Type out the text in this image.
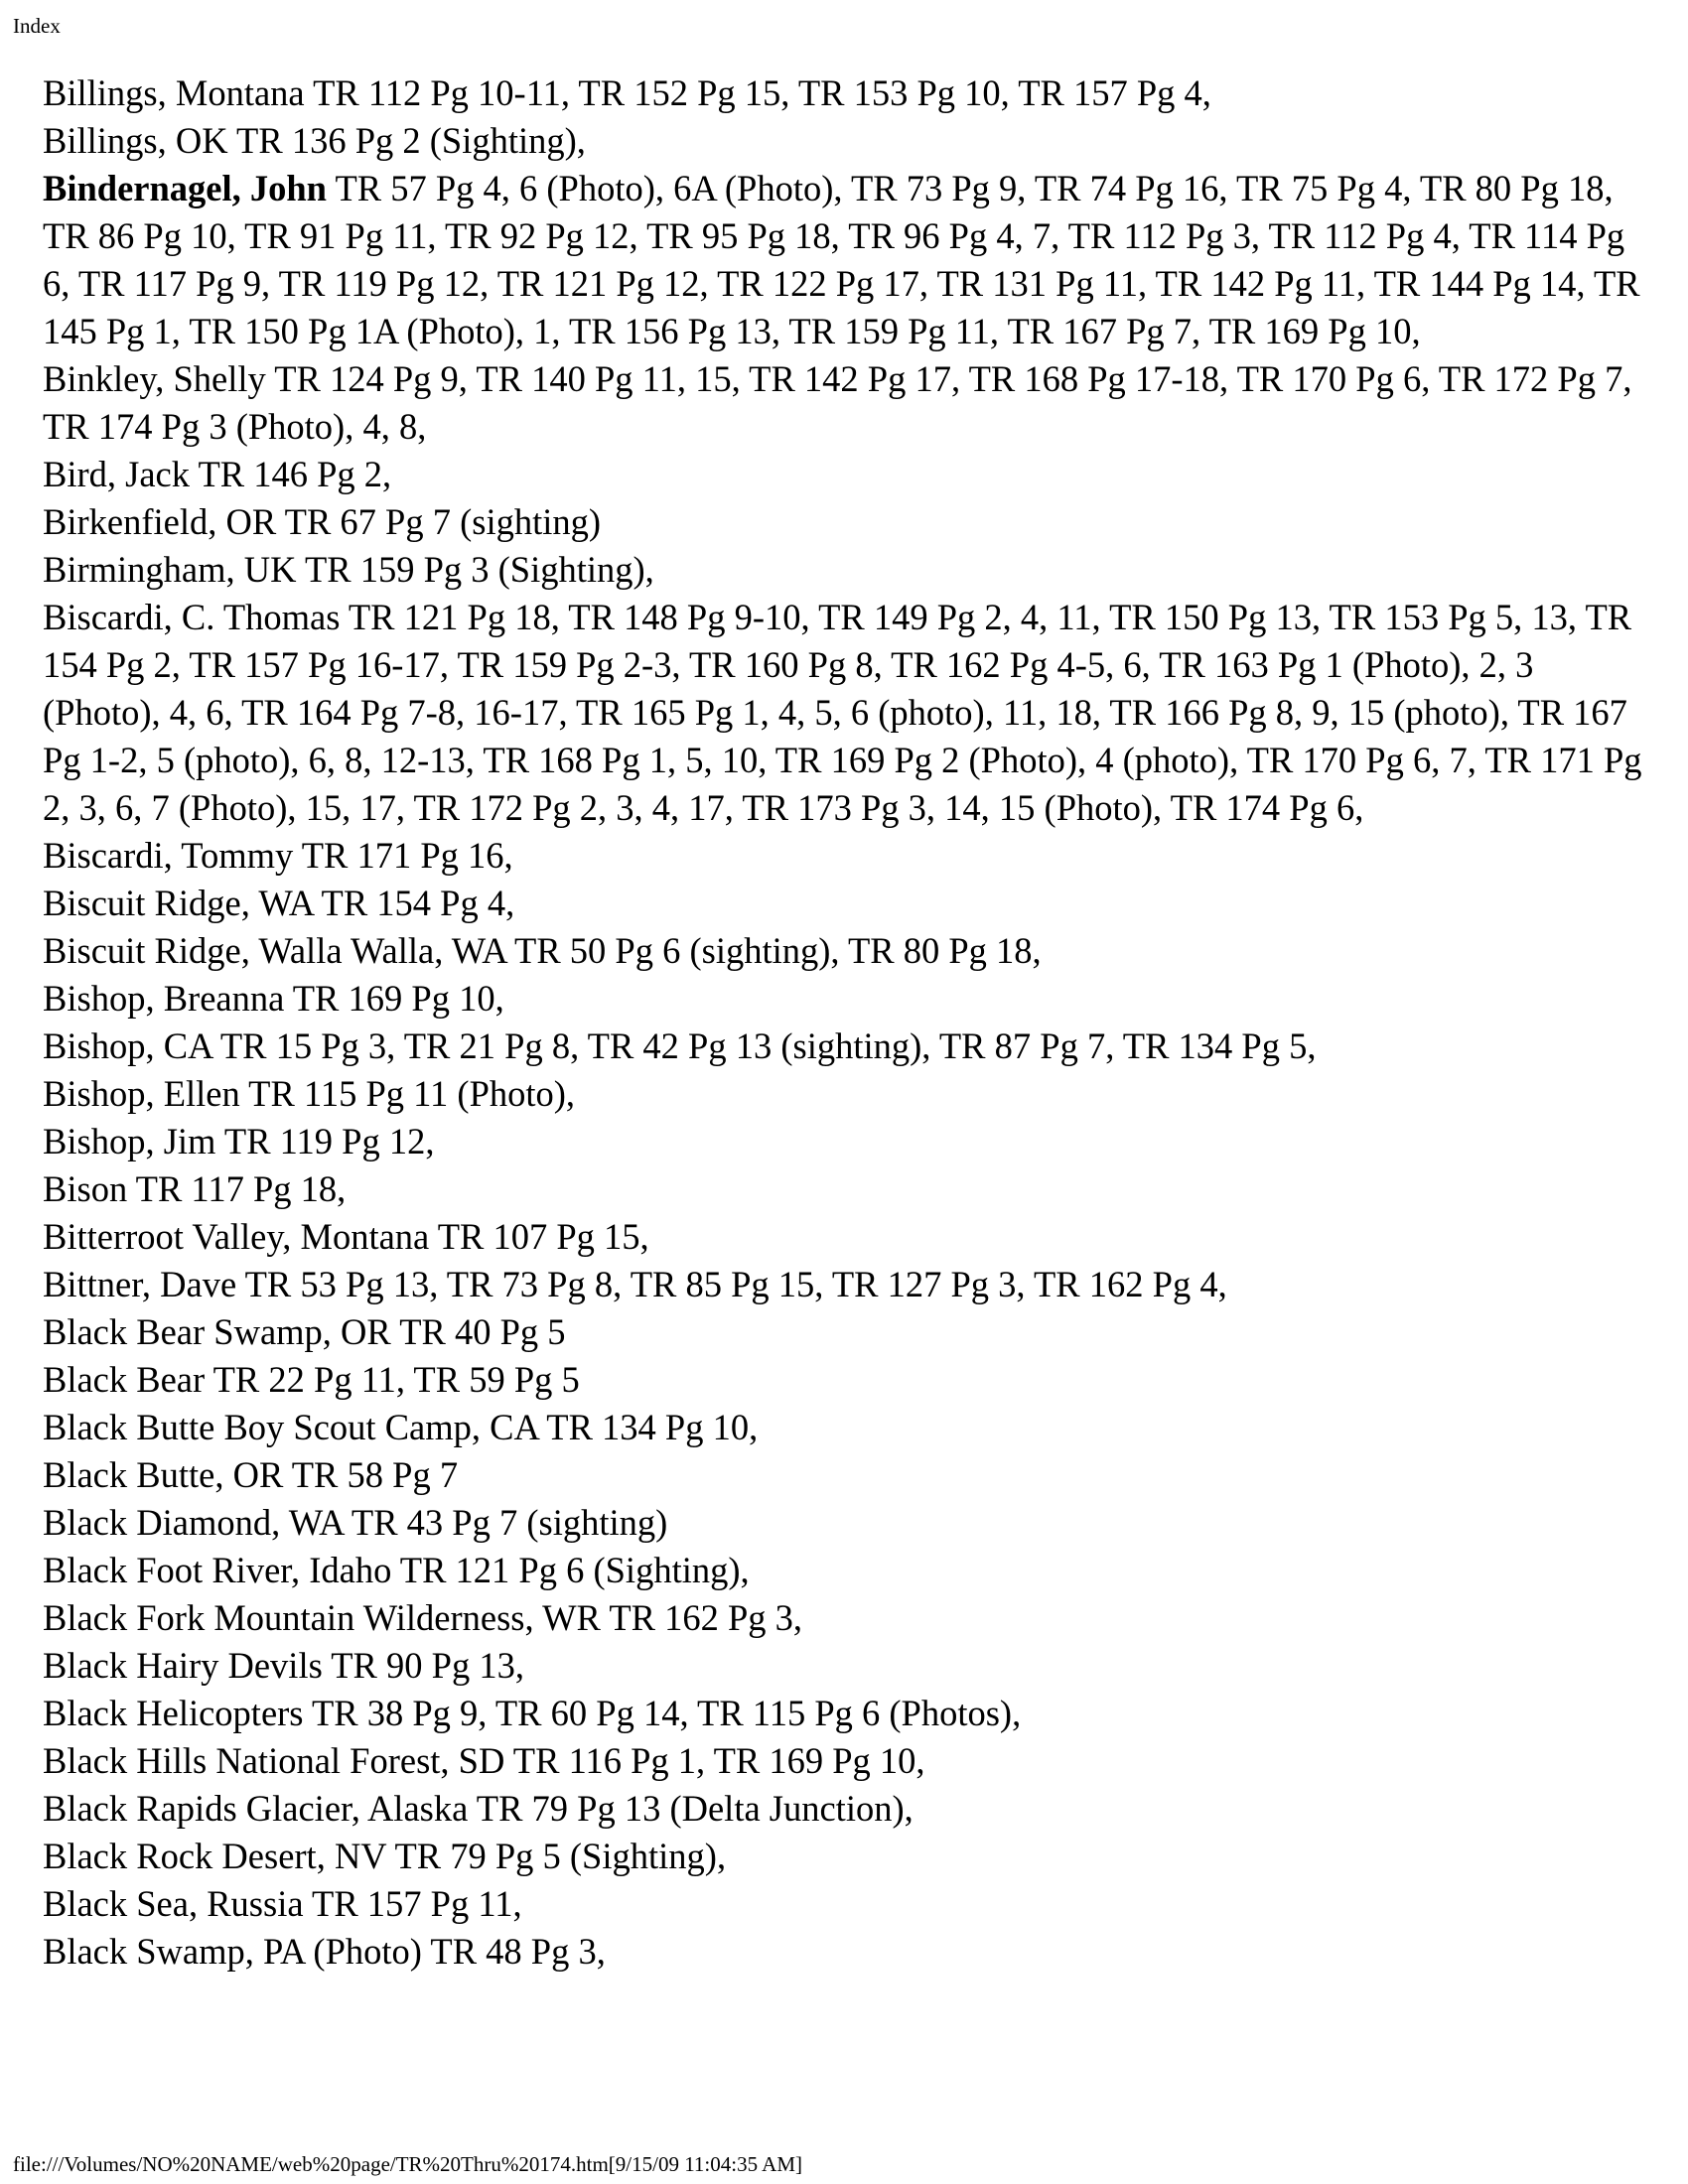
Index

Billings, Montana TR 112 Pg 10-11, TR 152 Pg 15, TR 153 Pg 10, TR 157 Pg 4,

Billings, OK TR 136 Pg 2 (Sighting),

Bindernagel, John TR 57 Pg 4, 6 (Photo), 6A (Photo), TR 73 Pg 9, TR 74 Pg 16, TR 75 Pg 4, TR 80 Pg 18, TR 86 Pg 10, TR 91 Pg 11, TR 92 Pg 12, TR 95 Pg 18, TR 96 Pg 4, 7, TR 112 Pg 3, TR 112 Pg 4, TR 114 Pg 6, TR 117 Pg 9, TR 119 Pg 12, TR 121 Pg 12, TR 122 Pg 17, TR 131 Pg 11, TR 142 Pg 11, TR 144 Pg 14, TR 145 Pg 1, TR 150 Pg 1A (Photo), 1, TR 156 Pg 13, TR 159 Pg 11, TR 167 Pg 7, TR 169 Pg 10,

Binkley, Shelly TR 124 Pg 9, TR 140 Pg 11, 15, TR 142 Pg 17, TR 168 Pg 17-18, TR 170 Pg 6, TR 172 Pg 7, TR 174 Pg 3 (Photo), 4, 8,

Bird, Jack TR 146 Pg 2,

Birkenfield, OR TR 67 Pg 7 (sighting)

Birmingham, UK TR 159 Pg 3 (Sighting),

Biscardi, C. Thomas TR 121 Pg 18, TR 148 Pg 9-10, TR 149 Pg 2, 4, 11, TR 150 Pg 13, TR 153 Pg 5, 13, TR 154 Pg 2, TR 157 Pg 16-17, TR 159 Pg 2-3, TR 160 Pg 8, TR 162 Pg 4-5, 6, TR 163 Pg 1 (Photo), 2, 3 (Photo), 4, 6, TR 164 Pg 7-8, 16-17, TR 165 Pg 1, 4, 5, 6 (photo), 11, 18, TR 166 Pg 8, 9, 15 (photo), TR 167 Pg 1-2, 5 (photo), 6, 8, 12-13, TR 168 Pg 1, 5, 10, TR 169 Pg 2 (Photo), 4 (photo), TR 170 Pg 6, 7, TR 171 Pg 2, 3, 6, 7 (Photo), 15, 17, TR 172 Pg 2, 3, 4, 17, TR 173 Pg 3, 14, 15 (Photo), TR 174 Pg 6,

Biscardi, Tommy TR 171 Pg 16,

Biscuit Ridge, WA TR 154 Pg 4,

Biscuit Ridge, Walla Walla, WA TR 50 Pg 6 (sighting), TR 80 Pg 18,

Bishop, Breanna TR 169 Pg 10,

Bishop, CA TR 15 Pg 3, TR 21 Pg 8, TR 42 Pg 13 (sighting), TR 87 Pg 7, TR 134 Pg 5,

Bishop, Ellen TR 115 Pg 11 (Photo),

Bishop, Jim TR 119 Pg 12,

Bison TR 117 Pg 18,

Bitterroot Valley, Montana TR 107 Pg 15,

Bittner, Dave TR 53 Pg 13, TR 73 Pg 8, TR 85 Pg 15, TR 127 Pg 3, TR 162 Pg 4,

Black Bear Swamp, OR TR 40 Pg 5

Black Bear TR 22 Pg 11, TR 59 Pg 5

Black Butte Boy Scout Camp, CA TR 134 Pg 10,

Black Butte, OR TR 58 Pg 7

Black Diamond, WA TR 43 Pg 7 (sighting)

Black Foot River, Idaho TR 121 Pg 6 (Sighting),

Black Fork Mountain Wilderness, WR TR 162 Pg 3,

Black Hairy Devils TR 90 Pg 13,

Black Helicopters TR 38 Pg 9, TR 60 Pg 14, TR 115 Pg 6 (Photos),

Black Hills National Forest, SD TR 116 Pg 1, TR 169 Pg 10,

Black Rapids Glacier, Alaska TR 79 Pg 13 (Delta Junction),

Black Rock Desert, NV TR 79 Pg 5 (Sighting),

Black Sea, Russia TR 157 Pg 11,

Black Swamp, PA (Photo) TR 48 Pg 3,

file:///Volumes/NO%20NAME/web%20page/TR%20Thru%20174.htm[9/15/09 11:04:35 AM]
